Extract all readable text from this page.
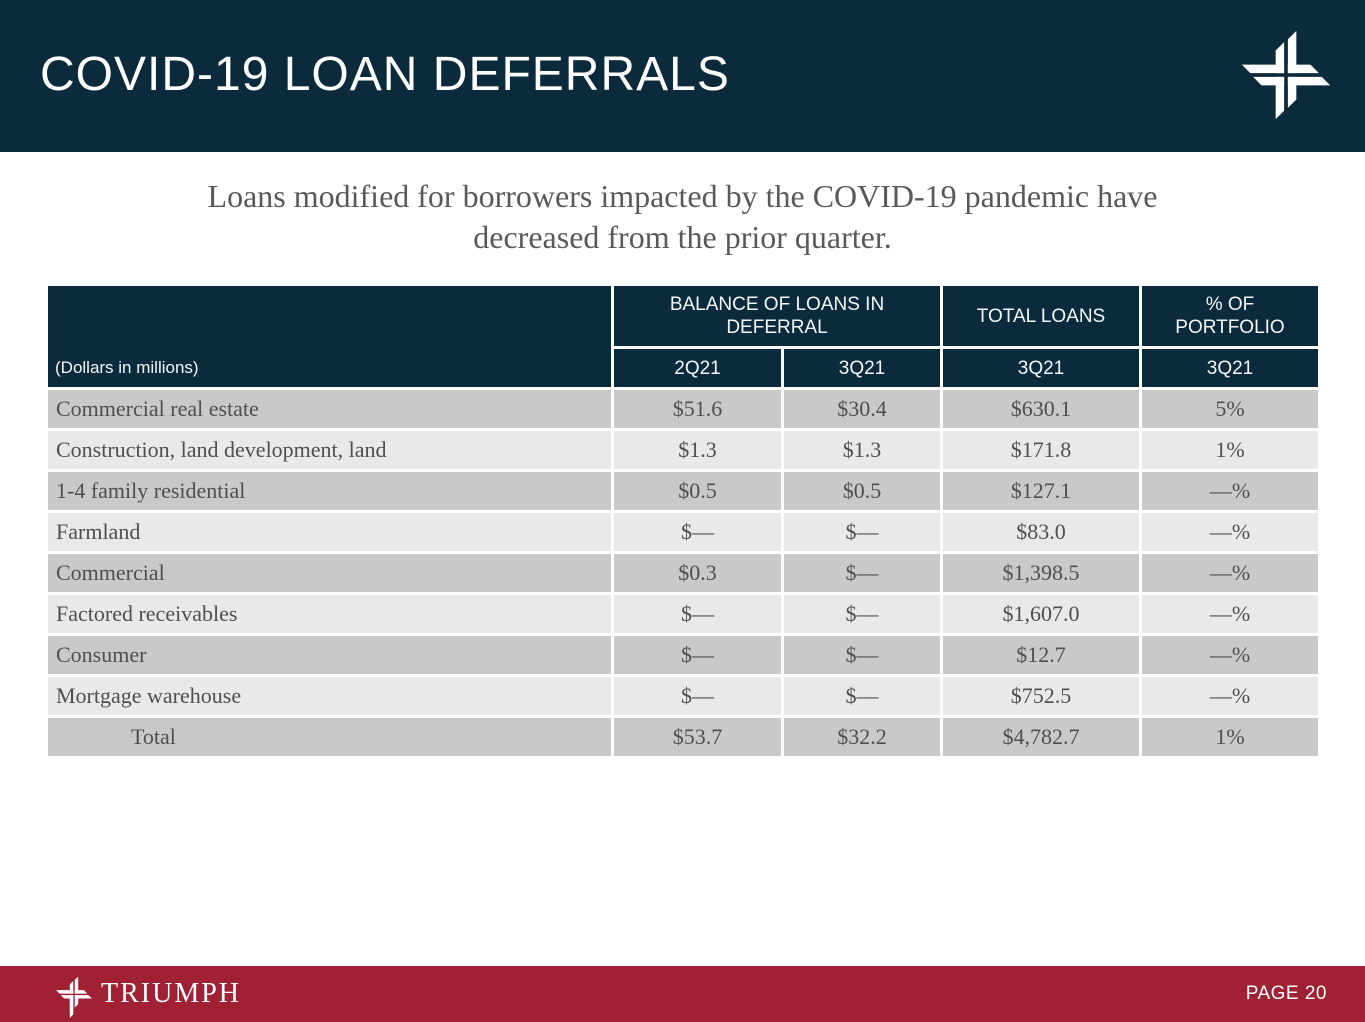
COVID-19 LOAN DEFERRALS
Loans modified for borrowers impacted by the COVID-19 pandemic have
decreased from the prior quarter.
(Dollars in millions)
BALANCE OF LOANS IN DEFERRAL
TOTAL LOANS
% OF PORTFOLIO
2Q21	3Q21	3Q21	3Q21
Commercial real estate	$51.6	$30.4	$630.1	5%
Construction, land development, land	$1.3	$1.3	$171.8	1%
1-4 family residential	$0.5	$0.5	$127.1	—%
Farmland	$—	$—	$83.0	—%
Commercial	$0.3	$—	$1,398.5	—%
Factored receivables	$—	$—	$1,607.0	—%
Consumer	$—	$—	$12.7	—%
Mortgage warehouse	$—	$—	$752.5	—%
Total	$53.7	$32.2	$4,782.7	1%
TRIUMPH	PAGE 20
